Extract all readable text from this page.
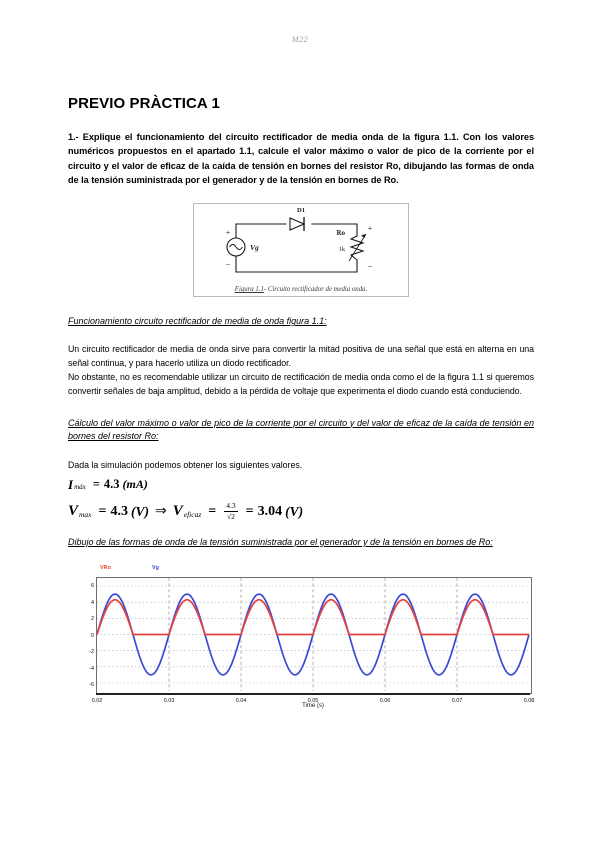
M22
PREVIO PRÀCTICA 1

1.- Explique el funcionamiento del circuito rectificador de media onda de la figura 1.1. Con los valores numéricos propuestos en el apartado 1.1, calcule el valor máximo o valor de pico de la corriente por el circuito y el valor de eficaz de la caída de tensión en bornes del resistor Ro, dibujando las formas de onda de la tensión suministrada por el generador y de la tensión en bornes de Ro.

D1
Vg
Ro
1k
+
–
+
–
Figura 1.1- Circuito rectificador de media onda.
Funcionamiento circuito rectificador de media de onda figura 1.1:

Un circuito rectificador de media de onda sirve para convertir la mitad positiva de una señal que está en alterna en una señal continua, y para hacerlo utiliza un diodo rectificador.

No obstante, no es recomendable utilizar un circuito de rectificación de media onda como el de la figura 1.1 si queremos convertir señales de baja amplitud, debido a la pérdida de voltaje que experimenta el diodo cuando está conduciendo.

Cálculo del valor máximo o valor de pico de la corriente por el circuito y del valor de eficaz de la caída de tensión en bornes del resistor Ro:

Dada la simulación podemos obtener los siguientes valores.

I máx = 4.3 (mA)
V max = 4.3 (V) ⇒ V eficaz = $\frac{4.3}{√2} = 3.04$ (V)
Dibujo de las formas de onda de la tensión suministrada por el generador y de la tensión en bornes de Ro:
VRo	Vg
6
4
2
0
-2
-4
-6
0.02	0.03	0.04	0.05	0.06	0.07	0.08
Time (s)
